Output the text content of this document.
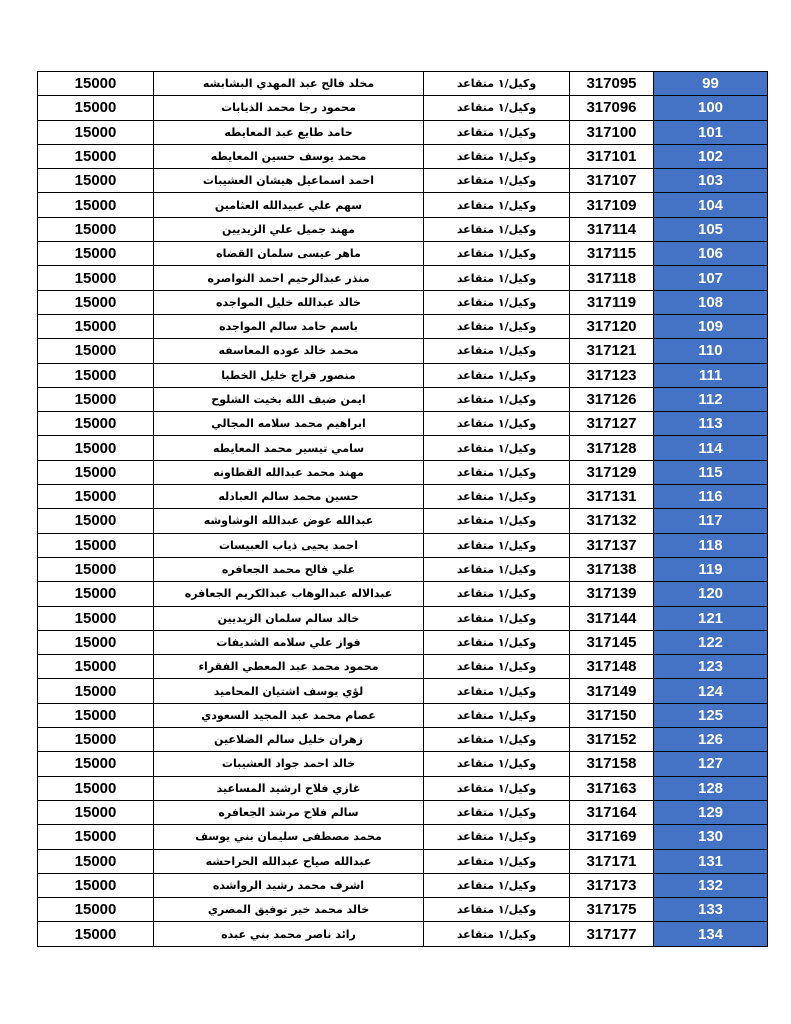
15000	مخلد فالح عبد المهدي البشابشه	وكيل/١ متقاعد	317095	99
15000	محمود رجا محمد الذيابات	وكيل/١ متقاعد	317096	100
15000	حامد طايع عبد المعايطه	وكيل/١ متقاعد	317100	101
15000	محمد يوسف حسين المعايطه	وكيل/١ متقاعد	317101	102
15000	احمد اسماعيل هيشان العشيبات	وكيل/١ متقاعد	317107	103
15000	سهم علي عبيدالله العثامين	وكيل/١ متقاعد	317109	104
15000	مهند جميل علي الزيديين	وكيل/١ متقاعد	317114	105
15000	ماهر عيسى سلمان القضاه	وكيل/١ متقاعد	317115	106
15000	منذر عبدالرحيم احمد النواصره	وكيل/١ متقاعد	317118	107
15000	خالد عبدالله خليل المواجده	وكيل/١ متقاعد	317119	108
15000	باسم حامد سالم المواجده	وكيل/١ متقاعد	317120	109
15000	محمد خالد عوده المعاسفه	وكيل/١ متقاعد	317121	110
15000	منصور فراج خليل الخطبا	وكيل/١ متقاعد	317123	111
15000	ايمن ضيف الله بخيت الشلوح	وكيل/١ متقاعد	317126	112
15000	ابراهيم محمد سلامه المجالي	وكيل/١ متقاعد	317127	113
15000	سامي تيسير محمد المعايطه	وكيل/١ متقاعد	317128	114
15000	مهند محمد عبدالله القطاونه	وكيل/١ متقاعد	317129	115
15000	حسين محمد سالم العبادله	وكيل/١ متقاعد	317131	116
15000	عبدالله عوض عبدالله الوشاوشه	وكيل/١ متقاعد	317132	117
15000	احمد يحيى ذياب العبيسات	وكيل/١ متقاعد	317137	118
15000	علي فالح محمد الجعافره	وكيل/١ متقاعد	317138	119
15000	عبدالاله عبدالوهاب عبدالكريم الجعافره	وكيل/١ متقاعد	317139	120
15000	خالد سالم سلمان الزيديين	وكيل/١ متقاعد	317144	121
15000	فواز علي سلامه الشديفات	وكيل/١ متقاعد	317145	122
15000	محمود محمد عبد المعطي الفقراء	وكيل/١ متقاعد	317148	123
15000	لؤي يوسف اشتيان المحاميد	وكيل/١ متقاعد	317149	124
15000	عصام محمد عبد المجيد السعودي	وكيل/١ متقاعد	317150	125
15000	زهران خليل سالم الضلاعين	وكيل/١ متقاعد	317152	126
15000	خالد احمد جواد العشيبات	وكيل/١ متقاعد	317158	127
15000	غازي فلاح ارشيد المساعيد	وكيل/١ متقاعد	317163	128
15000	سالم فلاح مرشد الجعافره	وكيل/١ متقاعد	317164	129
15000	محمد مصطفى سليمان بني يوسف	وكيل/١ متقاعد	317169	130
15000	عبدالله صياح عبدالله الحراحشه	وكيل/١ متقاعد	317171	131
15000	اشرف محمد رشيد الرواشده	وكيل/١ متقاعد	317173	132
15000	خالد محمد خير توفيق المصري	وكيل/١ متقاعد	317175	133
15000	رائد ناصر محمد بني عبده	وكيل/١ متقاعد	317177	134
